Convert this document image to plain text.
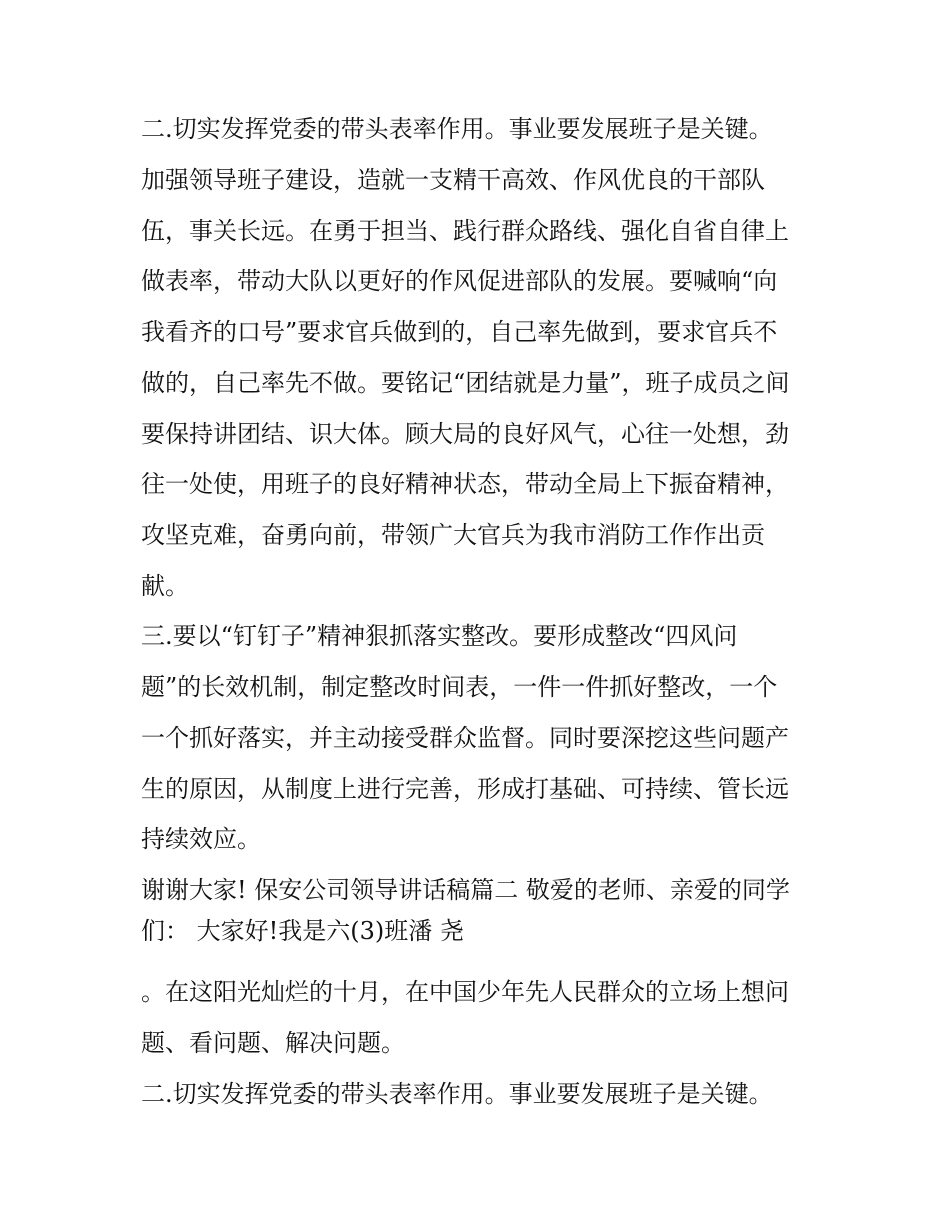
二.切实发挥党委的带头表率作用。事业要发展班子是关键。
加强领导班子建设，造就一支精干高效、作风优良的干部队
伍，事关长远。在勇于担当、践行群众路线、强化自省自律上
做表率，带动大队以更好的作风促进部队的发展。要喊响“向
我看齐的口号”要求官兵做到的，自己率先做到，要求官兵不
做的，自己率先不做。要铭记“团结就是力量”，班子成员之间
要保持讲团结、识大体。顾大局的良好风气，心往一处想，劲
往一处使，用班子的良好精神状态，带动全局上下振奋精神，
攻坚克难，奋勇向前，带领广大官兵为我市消防工作作出贡
献。
三.要以“钉钉子”精神狠抓落实整改。要形成整改“四风问
题”的长效机制，制定整改时间表，一件一件抓好整改，一个
一个抓好落实，并主动接受群众监督。同时要深挖这些问题产
生的原因，从制度上进行完善，形成打基础、可持续、管长远
持续效应。
谢谢大家! 保安公司领导讲话稿篇二 敬爱的老师、亲爱的同学
们： 大家好!我是六(3)班潘 尧
。在这阳光灿烂的十月，在中国少年先人民群众的立场上想问
题、看问题、解决问题。
二.切实发挥党委的带头表率作用。事业要发展班子是关键。
